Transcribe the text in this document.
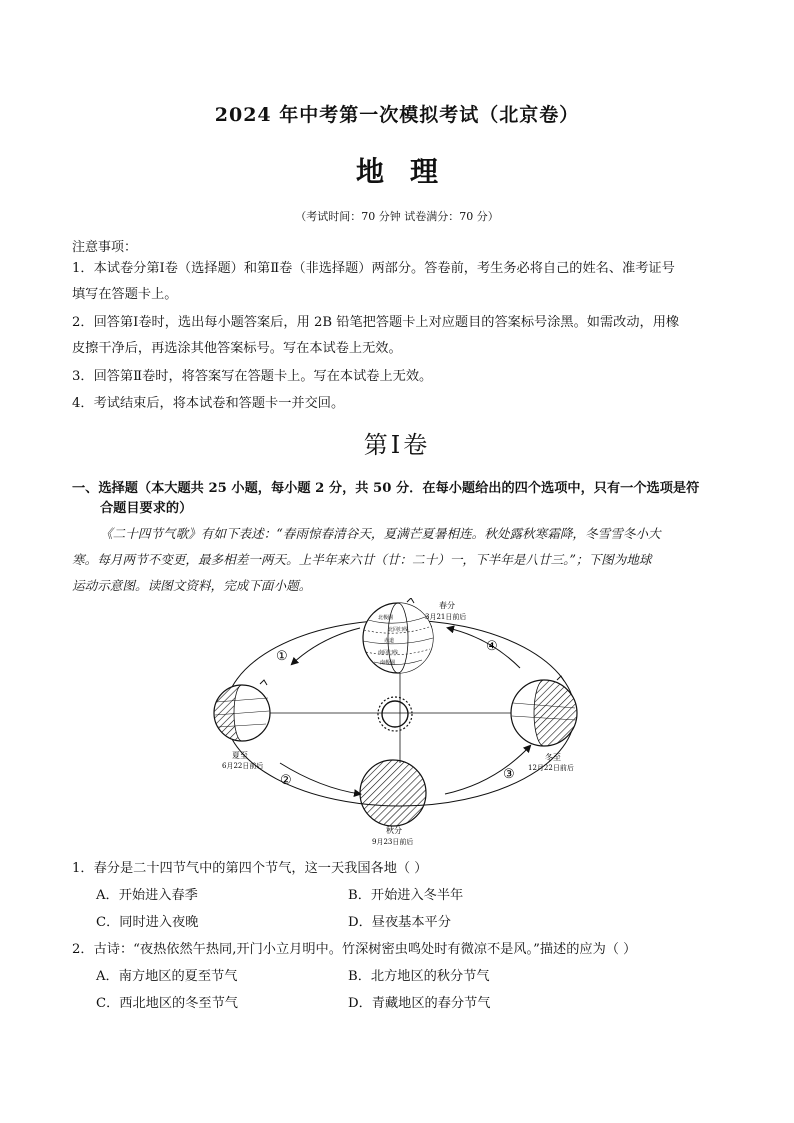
2024 年中考第一次模拟考试（北京卷）
地理
（考试时间：70 分钟 试卷满分：70 分）
注意事项：
1．本试卷分第Ⅰ卷（选择题）和第Ⅱ卷（非选择题）两部分。答卷前，考生务必将自己的姓名、准考证号
填写在答题卡上。
2．回答第Ⅰ卷时，选出每小题答案后，用 2B 铅笔把答题卡上对应题目的答案标号涂黑。如需改动，用橡
皮擦干净后，再选涂其他答案标号。写在本试卷上无效。
3．回答第Ⅱ卷时，将答案写在答题卡上。写在本试卷上无效。
4．考试结束后，将本试卷和答题卡一并交回。
第Ⅰ卷
一、选择题（本大题共 25 小题，每小题 2 分，共 50 分．在每小题给出的四个选项中，只有一个选项是符
合题目要求的）
《二十四节气歌》有如下表述：“春雨惊春清谷天，夏满芒夏暑相连。秋处露秋寒霜降，冬雪雪冬小大
寒。每月两节不变更，最多相差一两天。上半年来六廿（廿：二十）一，下半年是八廿三。”；下图为地球
运动示意图。读图文资料，完成下面小题。
北极圈
北回归线
赤道
南回归线
南极圈
春分
3月21日前后
夏至
6月22日前后
秋分
9月23日前后
冬至
12月22日前后
①
②	③
④
1．春分是二十四节气中的第四个节气，这一天我国各地（ ）
A．开始进入春季	B．开始进入冬半年
C．同时进入夜晚	D．昼夜基本平分
2．古诗：“夜热依然午热同,开门小立月明中。竹深树密虫鸣处时有微凉不是风。”描述的应为（ ）
A．南方地区的夏至节气	B．北方地区的秋分节气
C．西北地区的冬至节气	D．青藏地区的春分节气
